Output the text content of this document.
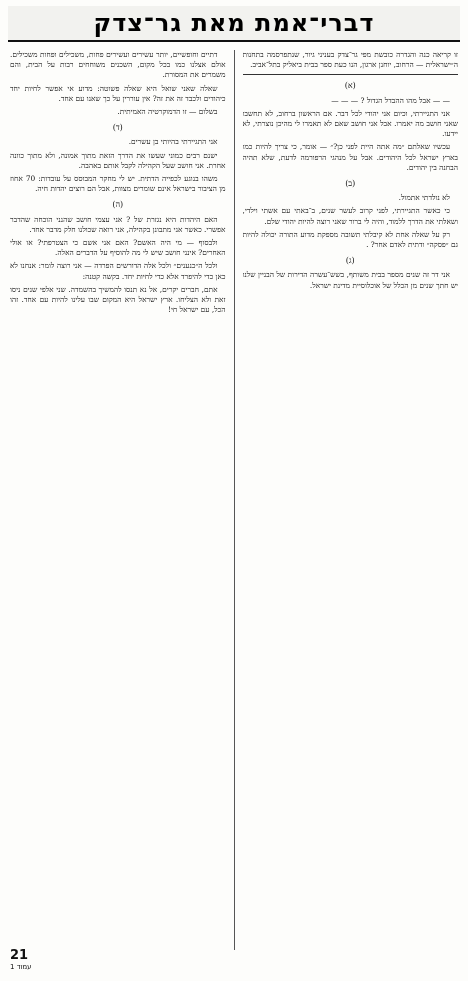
דברי־אמת מאת גר־צדק
זו קריאה כנה והגדרה כובשת מפי גר־צדק בעניני גיור, שנתפרסמה בתחנות ה״ישראלית — הרחוב, יוחנן ארגון, הנו כעת ספר בבית ביאליק בתל־אביב.
(א)

— — אבל מהו ההבדל הגדול ? — — —

אני התגיירתי, וכיום אני יהודי לכל דבר. אם הראשון ברחוב, לא תחשבו שאני חושב מה יאמרו. אבל אני חושב שאם לא תאמרו לי מהיכן נוצרתי, לא יידעו.

עכשיו שאלתם ״מה אתה היית לפני כן?״ — אומר, כי צריך להיות כמו בארץ ישראל לכל היהודים. אבל על מנהגי הרפורמה לדעת, שלא תהיה הבחנה בין יהודים.

(ב)

לא נולדתי אתמול.

כי כאשר התגיירתי, לפני קרוב לעשר שנים, ב־באתי עם אשתי וילדי, ושאלתי את הדרך ללמוד, והיה לי ברור שאני רוצה להיות יהודי שלם.

רק על שאלה אחת לא קיבלתי תשובה מספקת מדוע התורה יכולה להיות גם ״פסקה״ ודתית לאדם אחר? .

(ג)

אני דר זה שנים מספר בבית משותף, בשש־עשרה הדירות של הבניין שלנו יש חתך שנים מן הכלל של אוכלוסיית מדינת ישראל.

דתיים וחופשיים, יותר עשירים ועשירים פחות, משכילים ופחות משכילים. אולם אצלנו כמו בכל מקום, השכנים משוחחים רבות על הבית, והם משמרים את המסורת.

שאלה שאני שואל היא שאלה פשוטה: מדוע אי אפשר לחיות יחד כיהודים ולכבד זה את זה? אין עוררין על כך שאנו עם אחד.

בשלום — זו הדמוקרטיה האמיתית.

(ד)

אני התגיירתי בהיותי בן עשרים.

ישנם רבים כמוני שעשו את הדרך הזאת מתוך אמונה, ולא מתוך כוונה אחרת. אני חושב שעל הקהילה לקבל אותם באהבה.

משהו בנוגע לכפייה הדתית. יש לי מחקר המבוסס על עובדות: 70 אחוז מן הציבור בישראל אינם שומרים מצוות, אבל הם רוצים יהדות חיה.

(ה)

האם היהדות היא נגזרת של ? אני עצמי חושב שהנני הוכחה שהדבר אפשרי. כאשר אני מתבונן בקהילה, אני רואה שכולנו חלק מדבר אחד.

ולבסוף — מי היה האשם? האם אני אשם כי הצטרפתי? או אולי האחרים? אינני חושב שיש לי מה להוסיף על הדברים האלה.

ולכל ה״כנענים״ ולכל אלה הדורשים הפרדה — אני רוצה לומר: אנחנו לא כאן כדי להיפרד אלא כדי לחיות יחד. בקשה קטנה:

אתם, חברים יקרים, אל נא תנסו להמשיך בהשמדה. שני אלפי שנים ניסו זאת ולא הצליחו. ארץ ישראל היא המקום שבו עלינו להיות עם אחד. זהו הכל, עם ישראל חי!

21
עמוד 1
